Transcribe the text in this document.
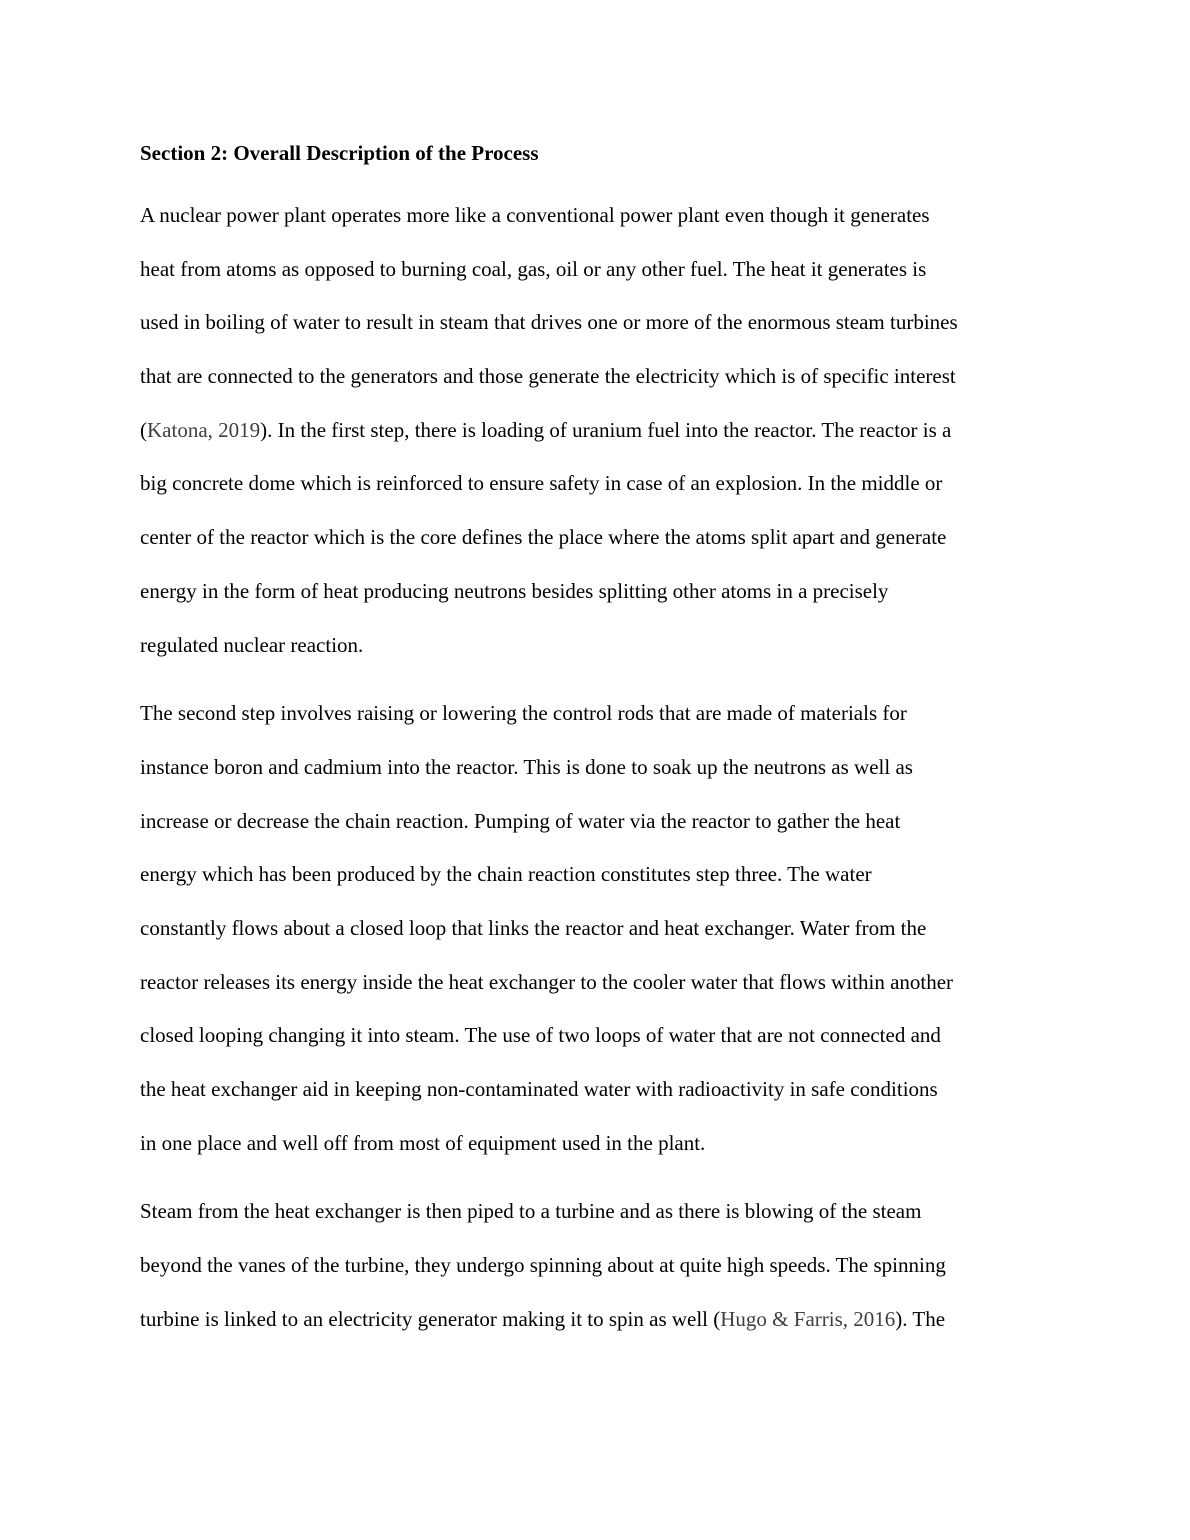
Section 2: Overall Description of the Process
A nuclear power plant operates more like a conventional power plant even though it generates
heat from atoms as opposed to burning coal, gas, oil or any other fuel. The heat it generates is
used in boiling of water to result in steam that drives one or more of the enormous steam turbines
that are connected to the generators and those generate the electricity which is of specific interest
(Katona, 2019). In the first step, there is loading of uranium fuel into the reactor. The reactor is a
big concrete dome which is reinforced to ensure safety in case of an explosion. In the middle or
center of the reactor which is the core defines the place where the atoms split apart and generate
energy in the form of heat producing neutrons besides splitting other atoms in a precisely
regulated nuclear reaction.
The second step involves raising or lowering the control rods that are made of materials for
instance boron and cadmium into the reactor. This is done to soak up the neutrons as well as
increase or decrease the chain reaction. Pumping of water via the reactor to gather the heat
energy which has been produced by the chain reaction constitutes step three. The water
constantly flows about a closed loop that links the reactor and heat exchanger. Water from the
reactor releases its energy inside the heat exchanger to the cooler water that flows within another
closed looping changing it into steam. The use of two loops of water that are not connected and
the heat exchanger aid in keeping non-contaminated water with radioactivity in safe conditions
in one place and well off from most of equipment used in the plant.
Steam from the heat exchanger is then piped to a turbine and as there is blowing of the steam
beyond the vanes of the turbine, they undergo spinning about at quite high speeds. The spinning
turbine is linked to an electricity generator making it to spin as well (Hugo & Farris, 2016). The
